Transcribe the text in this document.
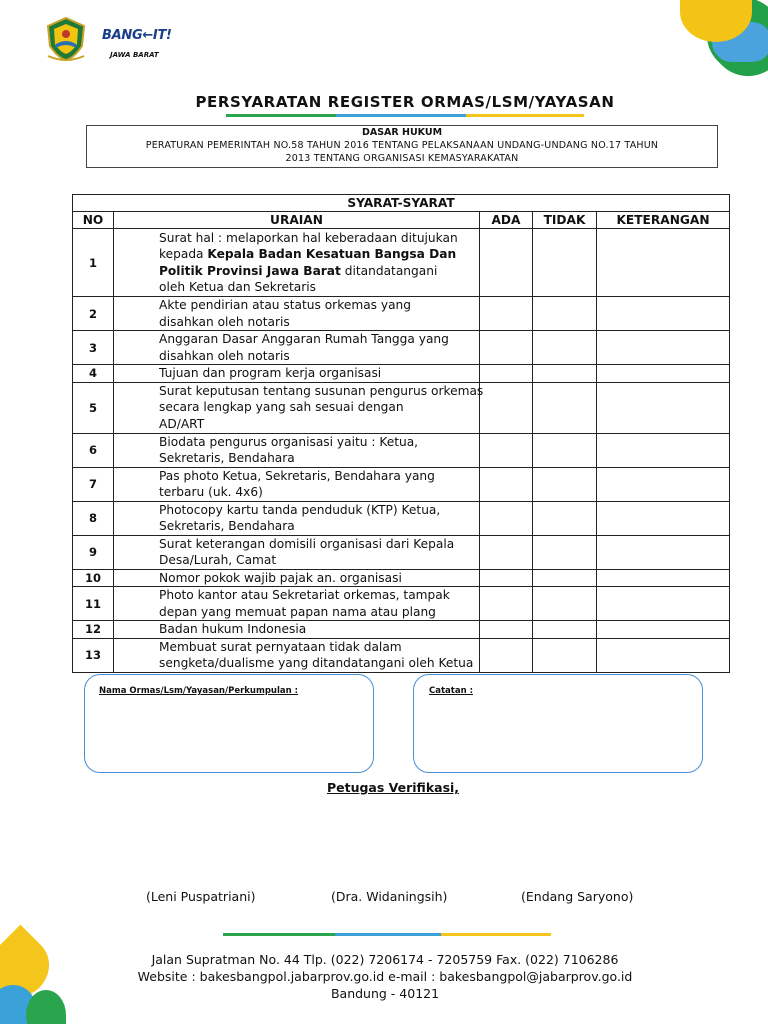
BANG←IT!
JAWA BARAT
PERSYARATAN REGISTER ORMAS/LSM/YAYASAN
DASAR HUKUM
PERATURAN PEMERINTAH NO.58 TAHUN 2016 TENTANG PELAKSANAAN UNDANG-UNDANG NO.17 TAHUN
2013 TENTANG ORGANISASI KEMASYARAKATAN
SYARAT-SYARAT				
NO	URAIAN	ADA	TIDAK	KETERANGAN
1	Surat hal : melaporkan hal keberadaan ditujukan
kepada Kepala Badan Kesatuan Bangsa Dan
Politik Provinsi Jawa Barat ditandatangani
oleh Ketua dan Sekretaris			

2	Akte pendirian atau status orkemas yang
disahkan oleh notaris			

3	Anggaran Dasar Anggaran Rumah Tangga yang
disahkan oleh notaris			

4	Tujuan dan program kerja organisasi			

5	Surat keputusan tentang susunan pengurus orkemas
secara lengkap yang sah sesuai dengan
AD/ART			

6	Biodata pengurus organisasi yaitu : Ketua,
Sekretaris, Bendahara			

7	Pas photo Ketua, Sekretaris, Bendahara yang
terbaru (uk. 4x6)			

8	Photocopy kartu tanda penduduk (KTP) Ketua,
Sekretaris, Bendahara			

9	Surat keterangan domisili organisasi dari Kepala
Desa/Lurah, Camat			

10	Nomor pokok wajib pajak an. organisasi			

11	Photo kantor atau Sekretariat orkemas, tampak
depan yang memuat papan nama atau plang			

12	Badan hukum Indonesia			

13	Membuat surat pernyataan tidak dalam
sengketa/dualisme yang ditandatangani oleh Ketua			

Nama Ormas/Lsm/Yayasan/Perkumpulan :	Catatan :
Petugas Verifikasi,
(Leni Puspatriani)	(Dra. Widaningsih)	(Endang Saryono)
Jalan Supratman No. 44 Tlp. (022) 7206174 - 7205759 Fax. (022) 7106286
Website : bakesbangpol.jabarprov.go.id e-mail : bakesbangpol@jabarprov.go.id
Bandung - 40121
